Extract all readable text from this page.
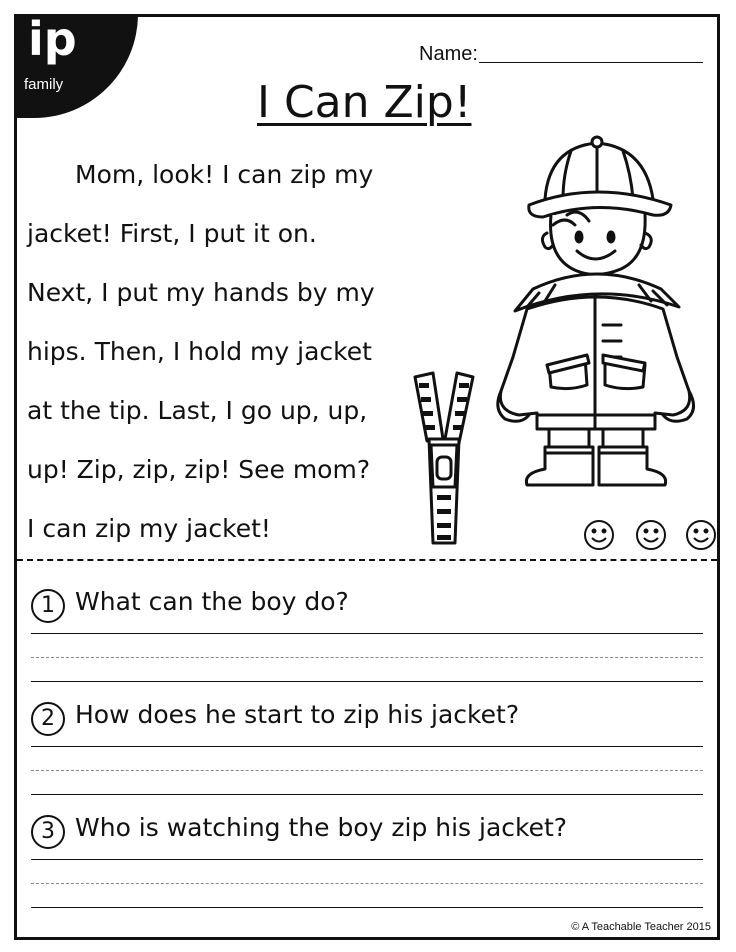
ip
family
Name:
I Can Zip!
Mom, look! I can zip my
jacket! First, I put it on.
Next, I put my hands by my
hips. Then, I hold my jacket
at the tip. Last, I go up, up,
up! Zip, zip, zip! See mom?
I can zip my jacket!
1 What can the boy do?
2 How does he start to zip his jacket?
3 Who is watching the boy zip his jacket?
© A Teachable Teacher 2015
